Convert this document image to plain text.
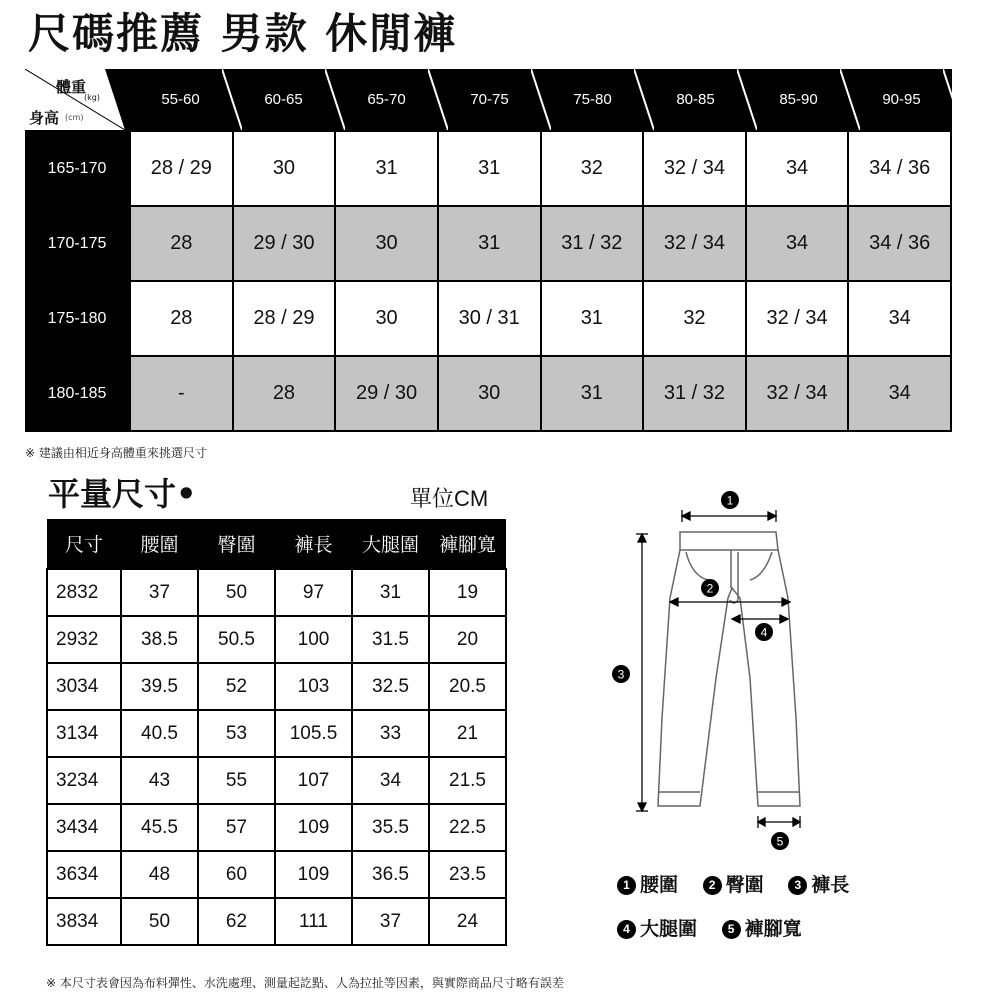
尺碼推薦 男款 休閒褲
體重
(kg)
身高 (cm)
55-60	60-65	65-70	70-75	75-80	80-85	85-90	90-95
165-170	28 / 29	30	31	31	32	32 / 34	34	34 / 36
170-175	28	29 / 30	30	31	31 / 32	32 / 34	34	34 / 36
175-180	28	28 / 29	30	30 / 31	31	32	32 / 34	34
180-185	-	28	29 / 30	30	31	31 / 32	32 / 34	34

※ 建議由相近身高體重來挑選尺寸

平量尺寸•	單位CM

尺寸	腰圍	臀圍	褲長	大腿圍	褲腳寬
2832	37	50	97	31	19
2932	38.5	50.5	100	31.5	20
3034	39.5	52	103	32.5	20.5
3134	40.5	53	105.5	33	21
3234	43	55	107	34	21.5
3434	45.5	57	109	35.5	22.5
3634	48	60	109	36.5	23.5
3834	50	62	111	37	24
1
2
3
4
5
1 腰圍	2 臀圍	3 褲長
4 大腿圍	5 褲腳寬

※ 本尺寸表會因為布料彈性、水洗處理、測量起訖點、人為拉扯等因素，與實際商品尺寸略有誤差
